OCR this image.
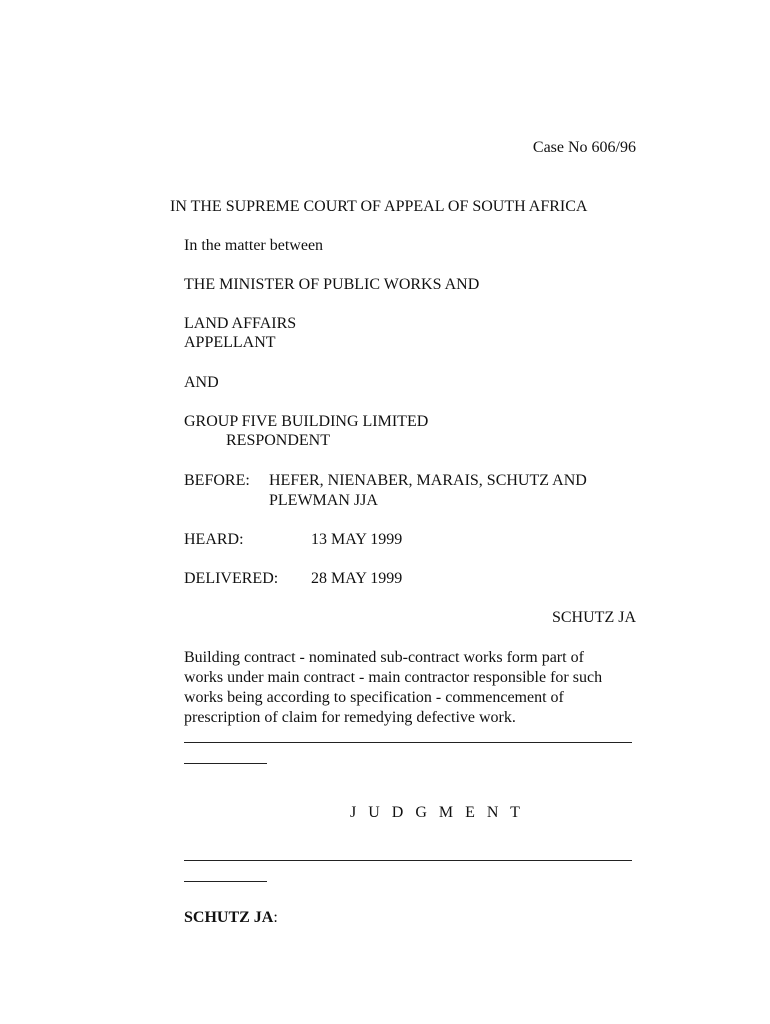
Case No 606/96
IN THE SUPREME COURT OF APPEAL OF SOUTH AFRICA
In the matter between
THE MINISTER OF PUBLIC WORKS AND
LAND AFFAIRS
APPELLANT
AND
GROUP FIVE BUILDING LIMITED
RESPONDENT
BEFORE: HEFER, NIENABER, MARAIS, SCHUTZ AND
PLEWMAN JJA
HEARD:	13 MAY 1999
DELIVERED: 28 MAY 1999
SCHUTZ JA
Building contract - nominated sub-contract works form part of
works under main contract - main contractor responsible for such
works being according to specification - commencement of
prescription of claim for remedying defective work.
J U D G M E N T
SCHUTZ JA:
